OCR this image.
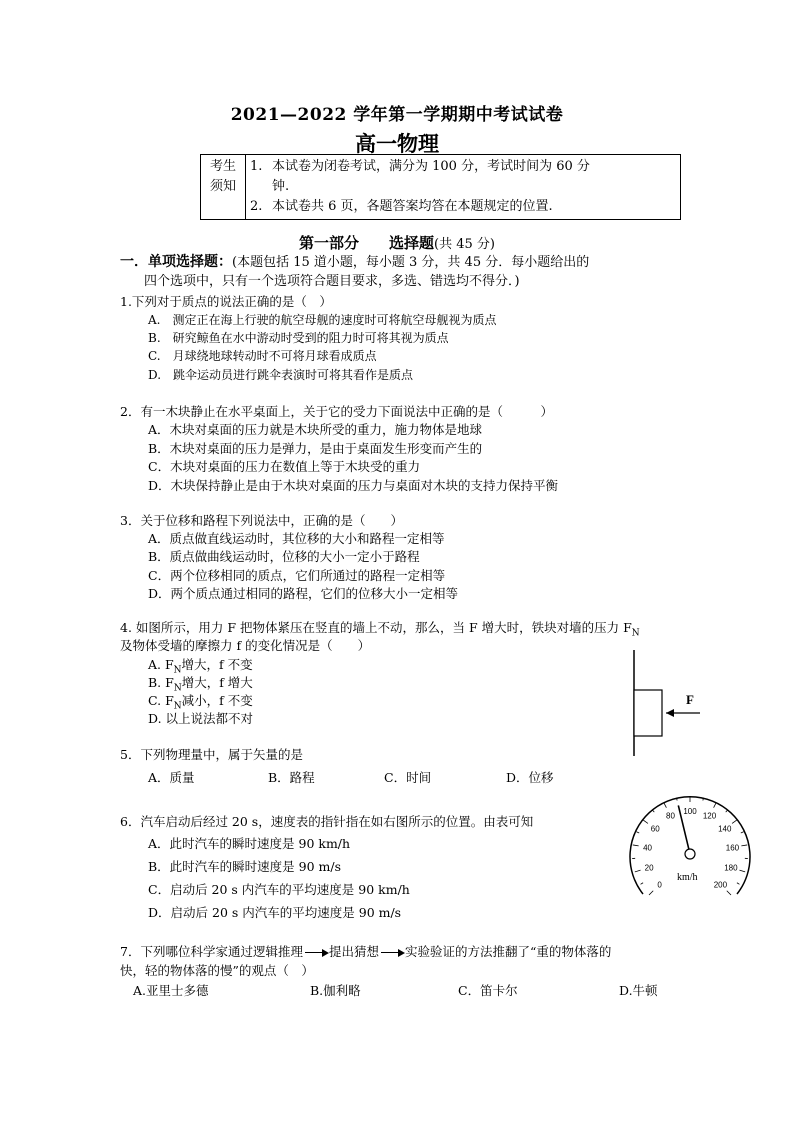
2021—2022 学年第一学期期中考试试卷
高一物理
考生须知	
1. 本试卷为闭卷考试，满分为 100 分，考试时间为 60 分
钟.
2. 本试卷共 6 页，各题答案均答在本题规定的位置.
第一部分　　选择题(共 45 分)
一．单项选择题：(本题包括 15 道小题，每小题 3 分，共 45 分．每小题给出的
四个选项中，只有一个选项符合题目要求，多选、错选均不得分．)
1.下列对于质点的说法正确的是（　）
A.　测定正在海上行驶的航空母舰的速度时可将航空母舰视为质点
B.　研究鲸鱼在水中游动时受到的阻力时可将其视为质点
C.　月球绕地球转动时不可将月球看成质点
D.　跳伞运动员进行跳伞表演时可将其看作是质点
2．有一木块静止在水平桌面上，关于它的受力下面说法中正确的是（　　　）
A．木块对桌面的压力就是木块所受的重力，施力物体是地球
B．木块对桌面的压力是弹力，是由于桌面发生形变而产生的
C．木块对桌面的压力在数值上等于木块受的重力
D．木块保持静止是由于木块对桌面的压力与桌面对木块的支持力保持平衡
3．关于位移和路程下列说法中，正确的是（　　）
A．质点做直线运动时，其位移的大小和路程一定相等
B．质点做曲线运动时，位移的大小一定小于路程
C．两个位移相同的质点，它们所通过的路程一定相等
D．两个质点通过相同的路程，它们的位移大小一定相等
4. 如图所示，用力 F 把物体紧压在竖直的墙上不动，那么，当 F 增大时，铁块对墙的压力 $F_N$
及物体受墙的摩擦力 f 的变化情况是（　　）
A. $F_N$增大，f 不变
B. $F_N$增大，f 增大
C. $F_N$减小，f 不变
D. 以上说法都不对
F
5．下列物理量中，属于矢量的是
A．质量	B．路程	C．时间	D．位移
6．汽车启动后经过 20 s，速度表的指针指在如右图所示的位置。由表可知
A．此时汽车的瞬时速度是 90 km/h
B．此时汽车的瞬时速度是 90 m/s
C．启动后 20 s 内汽车的平均速度是 90 km/h
D．启动后 20 s 内汽车的平均速度是 90 m/s
0
20
40
60
80
100
120
140
160
180
200
km/h
7．下列哪位科学家通过逻辑推理 提出猜想 实验验证的方法推翻了“重的物体落的
快，轻的物体落的慢”的观点（　）
A.亚里士多德	B.伽利略	C．笛卡尔	D.牛顿
